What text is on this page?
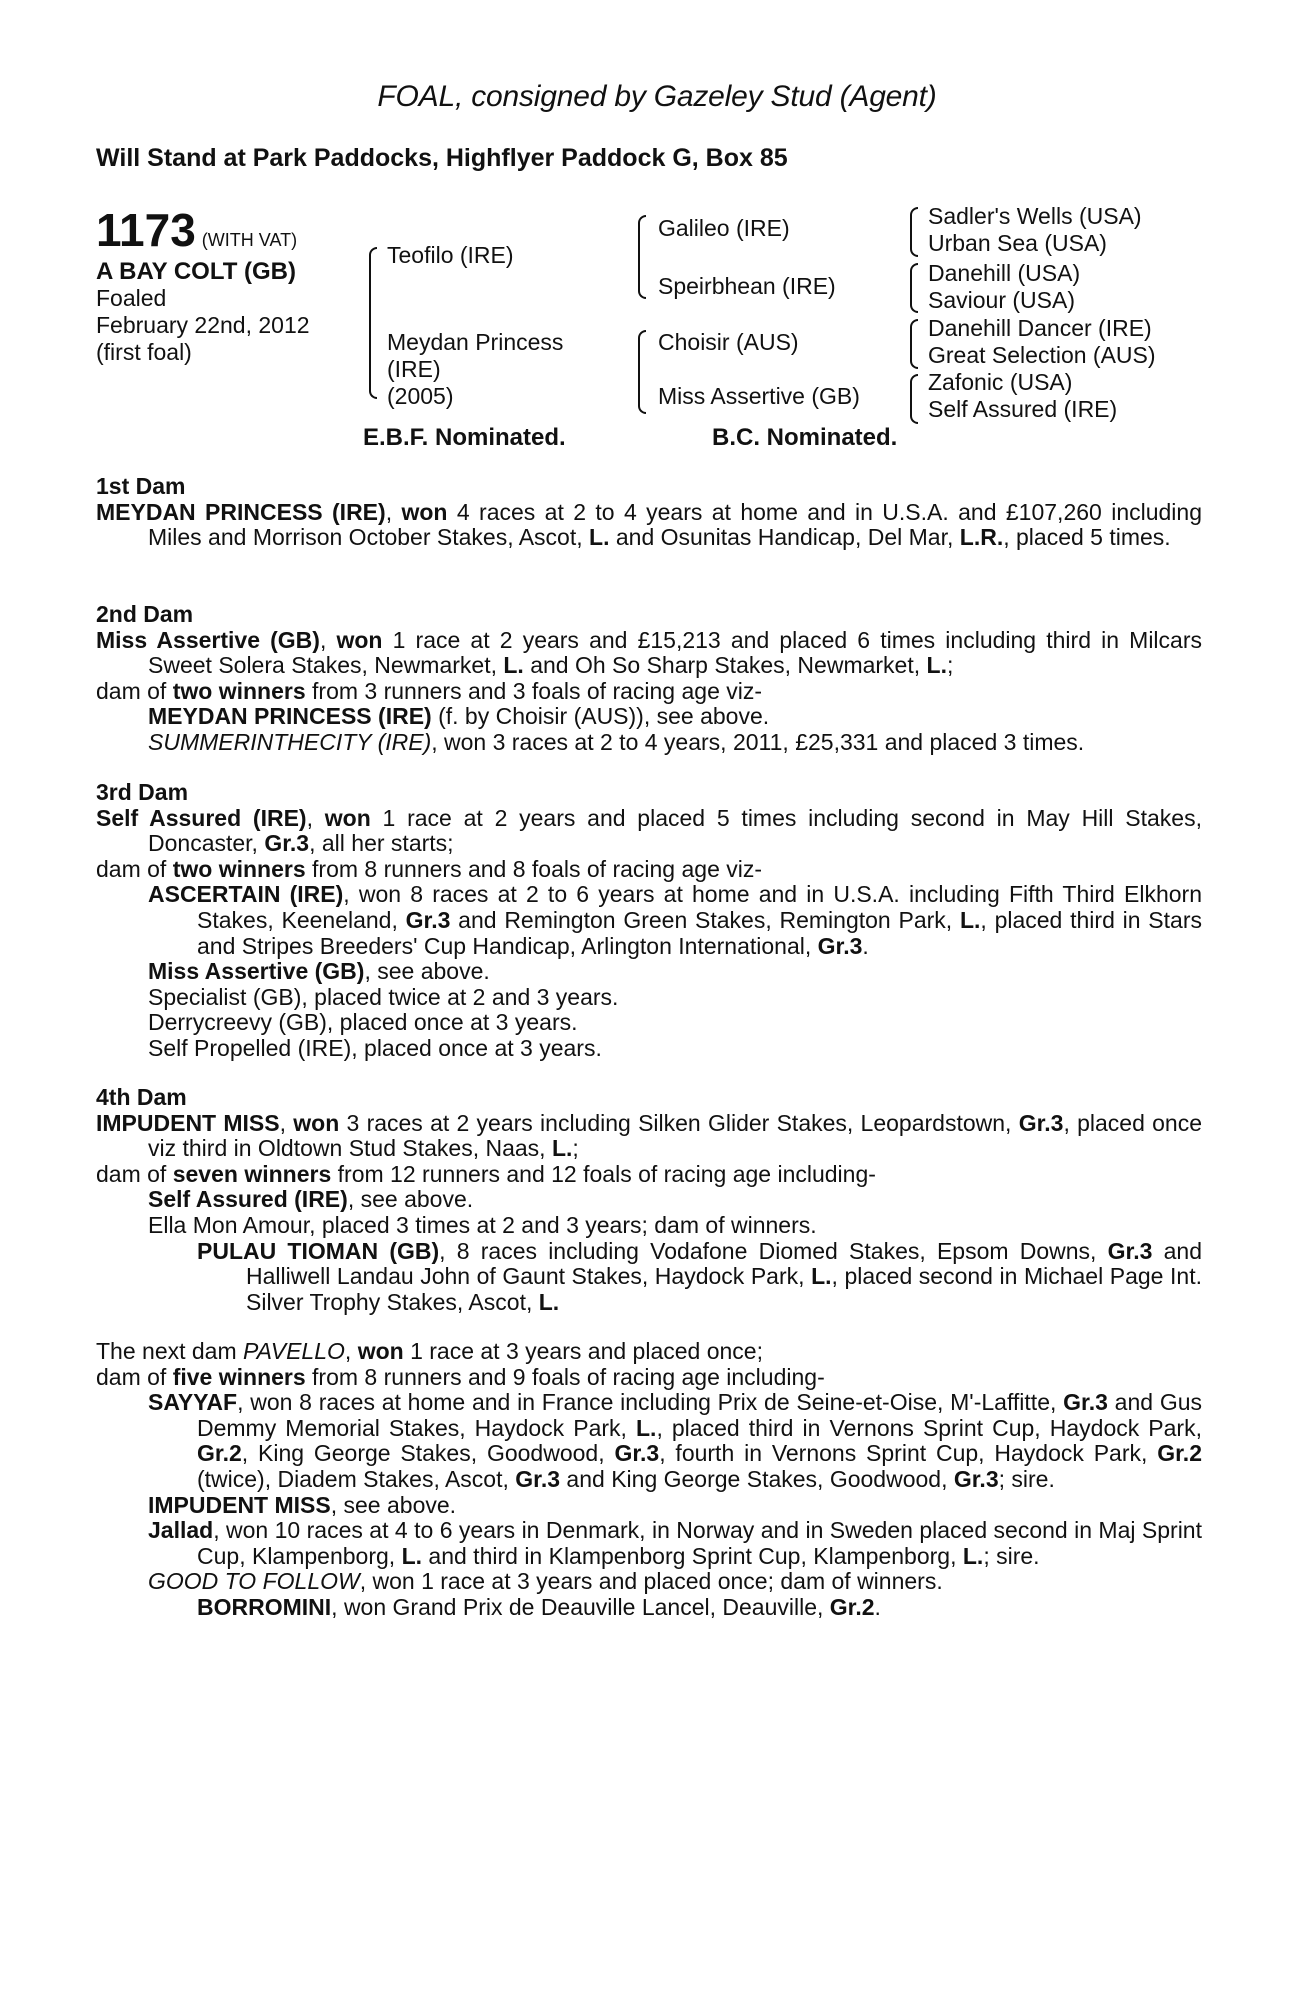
FOAL, consigned by Gazeley Stud (Agent)
Will Stand at Park Paddocks, Highflyer Paddock G, Box 85
1173 (WITH VAT)
A BAY COLT (GB)
Foaled
February 22nd, 2012
(first foal)
Teofilo (IRE)
Meydan Princess
(IRE)
(2005)
Galileo (IRE)
Speirbhean (IRE)
Choisir (AUS)
Miss Assertive (GB)
Sadler's Wells (USA)
Urban Sea (USA)
Danehill (USA)
Saviour (USA)
Danehill Dancer (IRE)
Great Selection (AUS)
Zafonic (USA)
Self Assured (IRE)
E.B.F. Nominated.	B.C. Nominated.

1st Dam

MEYDAN PRINCESS (IRE), won 4 races at 2 to 4 years at home and in U.S.A. and £107,260 including Miles and Morrison October Stakes, Ascot, L. and Osunitas Handicap, Del Mar, L.R., placed 5 times.

2nd Dam

Miss Assertive (GB), won 1 race at 2 years and £15,213 and placed 6 times including third in Milcars Sweet Solera Stakes, Newmarket, L. and Oh So Sharp Stakes, Newmarket, L.;

dam of two winners from 3 runners and 3 foals of racing age viz-

MEYDAN PRINCESS (IRE) (f. by Choisir (AUS)), see above.

SUMMERINTHECITY (IRE), won 3 races at 2 to 4 years, 2011, £25,331 and placed 3 times.

3rd Dam

Self Assured (IRE), won 1 race at 2 years and placed 5 times including second in May Hill Stakes, Doncaster, Gr.3, all her starts;

dam of two winners from 8 runners and 8 foals of racing age viz-

ASCERTAIN (IRE), won 8 races at 2 to 6 years at home and in U.S.A. including Fifth Third Elkhorn Stakes, Keeneland, Gr.3 and Remington Green Stakes, Remington Park, L., placed third in Stars and Stripes Breeders' Cup Handicap, Arlington International, Gr.3.

Miss Assertive (GB), see above.

Specialist (GB), placed twice at 2 and 3 years.

Derrycreevy (GB), placed once at 3 years.

Self Propelled (IRE), placed once at 3 years.

4th Dam

IMPUDENT MISS, won 3 races at 2 years including Silken Glider Stakes, Leopardstown, Gr.3, placed once viz third in Oldtown Stud Stakes, Naas, L.;

dam of seven winners from 12 runners and 12 foals of racing age including-

Self Assured (IRE), see above.

Ella Mon Amour, placed 3 times at 2 and 3 years; dam of winners.

PULAU TIOMAN (GB), 8 races including Vodafone Diomed Stakes, Epsom Downs, Gr.3 and Halliwell Landau John of Gaunt Stakes, Haydock Park, L., placed second in Michael Page Int. Silver Trophy Stakes, Ascot, L.

The next dam PAVELLO, won 1 race at 3 years and placed once;

dam of five winners from 8 runners and 9 foals of racing age including-

SAYYAF, won 8 races at home and in France including Prix de Seine-et-Oise, M'-Laffitte, Gr.3 and Gus Demmy Memorial Stakes, Haydock Park, L., placed third in Vernons Sprint Cup, Haydock Park, Gr.2, King George Stakes, Goodwood, Gr.3, fourth in Vernons Sprint Cup, Haydock Park, Gr.2 (twice), Diadem Stakes, Ascot, Gr.3 and King George Stakes, Goodwood, Gr.3; sire.

IMPUDENT MISS, see above.

Jallad, won 10 races at 4 to 6 years in Denmark, in Norway and in Sweden placed second in Maj Sprint Cup, Klampenborg, L. and third in Klampenborg Sprint Cup, Klampenborg, L.; sire.

GOOD TO FOLLOW, won 1 race at 3 years and placed once; dam of winners.

BORROMINI, won Grand Prix de Deauville Lancel, Deauville, Gr.2.
